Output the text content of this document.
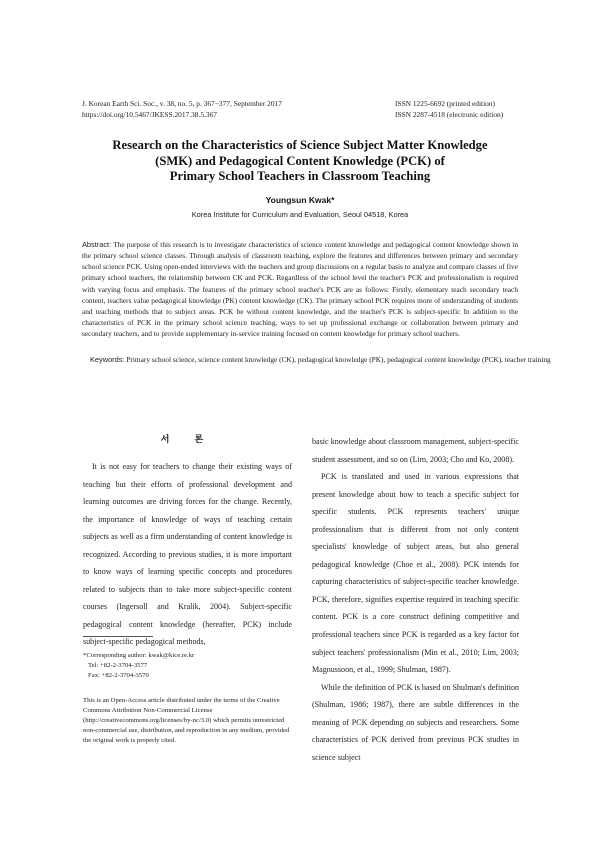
J. Korean Earth Sci. Soc., v. 38, no. 5, p. 367−377, September 2017
https://doi.org/10.5467/JKESS.2017.38.5.367
ISSN 1225-6692 (printed edition)
ISSN 2287-4518 (electronic edition)
Research on the Characteristics of Science Subject Matter Knowledge
(SMK) and Pedagogical Content Knowledge (PCK) of
Primary School Teachers in Classroom Teaching
Youngsun Kwak*
Korea Institute for Curriculum and Evaluation, Seoul 04518, Korea
Abstract: The purpose of this research is to investigate characteristics of science content knowledge and pedagogical content knowledge shown in the primary school science classes. Through analysis of classroom teaching, explore the features and differences between primary and secondary school science PCK. Using open-ended interviews with the teachers and group discussions on a regular basis to analyze and compare classes of five primary school teachers, the relationship between CK and PCK. Regardless of the school level the teacher's PCK and professionalism is required with varying focus and emphasis. The features of the primary school teacher's PCK are as follows: Firstly, elementary teach secondary teach content, teachers value pedagogical knowledge (PK) content knowledge (CK). The primary school PCK requires more of understanding of students and teaching methods that to subject areas. PCK be without content knowledge, and the teacher's PCK is subject-specific In addition to the characteristics of PCK in the primary school science teaching, ways to set up professional exchange or collaboration between primary and secondary teachers, and to provide supplementary in-service training focused on content knowledge for primary school teachers.
Keywords: Primary school science, science content knowledge (CK), pedagogical knowledge (PK), pedagogical content knowledge (PCK), teacher training
서 론

It is not easy for teachers to change their existing ways of teaching but their efforts of professional development and learning outcomes are driving forces for the change. Recently, the importance of knowledge of ways of teaching certain subjects as well as a firm understanding of content knowledge is recognized. According to previous studies, it is more important to know ways of learning specific concepts and procedures related to subjects than to take more subject-specific content courses (Ingersoll and Kralik, 2004). Subject-specific pedagogical content knowledge (hereafter, PCK) include subject-specific pedagogical methods,

*Corresponding author: kwak@kice.re.kr
Tel: +82-2-3704-3577
Fax: +82-2-3704-3570
This is an Open-Access article distributed under the terms of the Creative Commons Attribution Non-Commercial License (http://creativecommons.org/licenses/by-nc/3.0) which permits unrestricted non-commercial use, distribution, and reproduction in any medium, provided the original work is properly cited.

basic knowledge about classroom management, subject-specific student assessment, and so on (Lim, 2003; Cho and Ko, 2008).

PCK is translated and used in various expressions that present knowledge about how to teach a specific subject for specific students. PCK represents teachers' unique professionalism that is different from not only content specialists' knowledge of subject areas, but also general pedagogical knowledge (Choe et al., 2008). PCK intends for capturing characteristics of subject-specific teacher knowledge. PCK, therefore, signifies expertise required in teaching specific content. PCK is a core construct defining competitive and professional teachers since PCK is regarded as a key factor for subject teachers' professionalism (Min et al., 2010; Lim, 2003; Magnussoon, et al., 1999; Shulman, 1987).

While the definition of PCK is based on Shulman's definition (Shulman, 1986; 1987), there are subtle differences in the meaning of PCK depending on subjects and researchers. Some characteristics of PCK derived from previous PCK studies in science subject
